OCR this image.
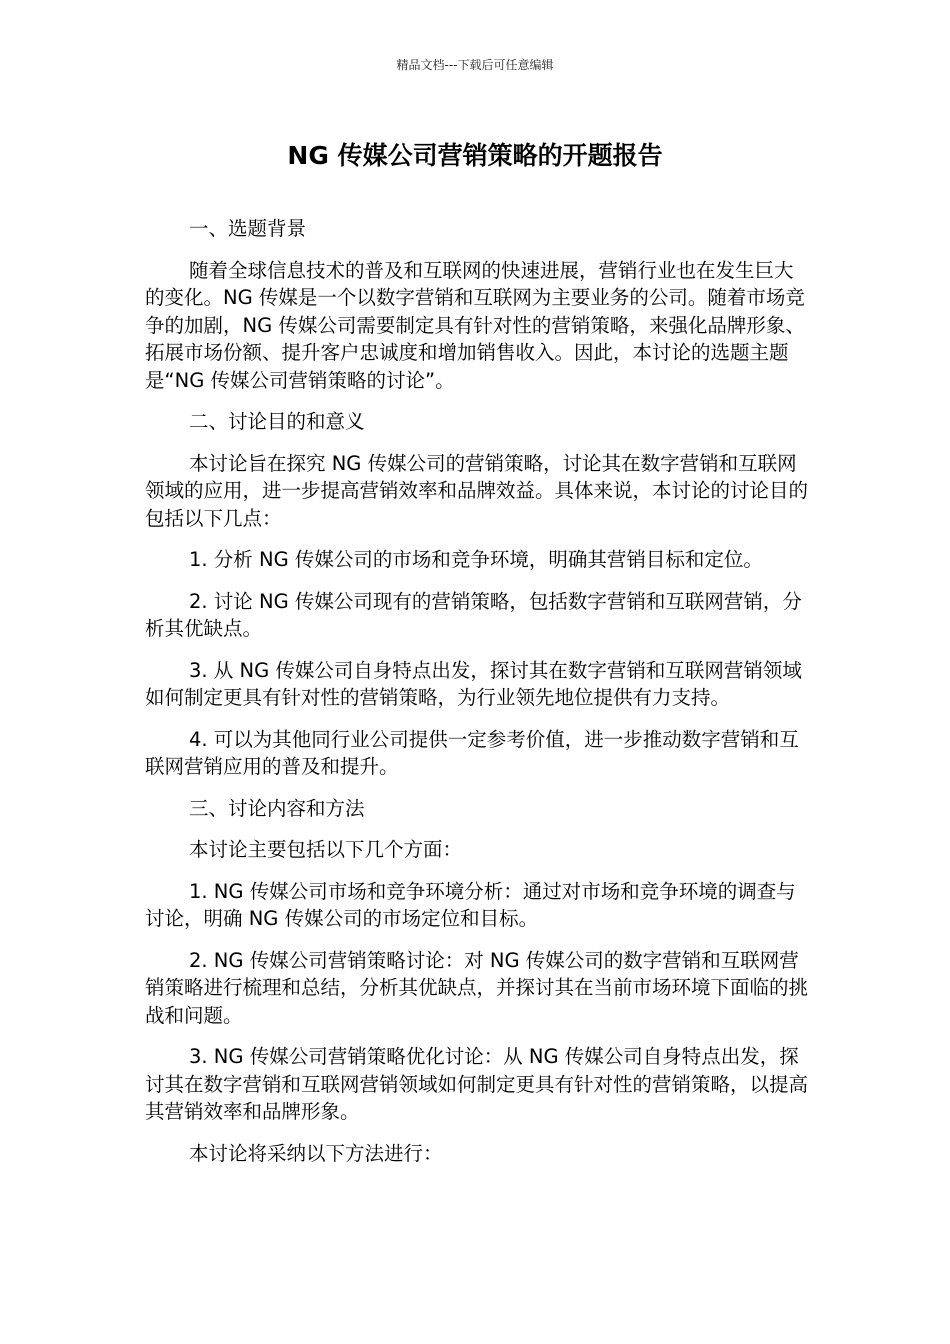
精品文档---下载后可任意编辑
NG 传媒公司营销策略的开题报告

一、选题背景

随着全球信息技术的普及和互联网的快速进展，营销行业也在发生巨大的变化。NG 传媒是一个以数字营销和互联网为主要业务的公司。随着市场竞争的加剧，NG 传媒公司需要制定具有针对性的营销策略，来强化品牌形象、拓展市场份额、提升客户忠诚度和增加销售收入。因此，本讨论的选题主题是“NG 传媒公司营销策略的讨论”。

二、讨论目的和意义

本讨论旨在探究 NG 传媒公司的营销策略，讨论其在数字营销和互联网领域的应用，进一步提高营销效率和品牌效益。具体来说，本讨论的讨论目的包括以下几点：

1. 分析 NG 传媒公司的市场和竞争环境，明确其营销目标和定位。

2. 讨论 NG 传媒公司现有的营销策略，包括数字营销和互联网营销，分析其优缺点。

3. 从 NG 传媒公司自身特点出发，探讨其在数字营销和互联网营销领域如何制定更具有针对性的营销策略，为行业领先地位提供有力支持。

4. 可以为其他同行业公司提供一定参考价值，进一步推动数字营销和互联网营销应用的普及和提升。

三、讨论内容和方法

本讨论主要包括以下几个方面：

1. NG 传媒公司市场和竞争环境分析：通过对市场和竞争环境的调查与讨论，明确 NG 传媒公司的市场定位和目标。

2. NG 传媒公司营销策略讨论：对 NG 传媒公司的数字营销和互联网营销策略进行梳理和总结，分析其优缺点，并探讨其在当前市场环境下面临的挑战和问题。

3. NG 传媒公司营销策略优化讨论：从 NG 传媒公司自身特点出发，探讨其在数字营销和互联网营销领域如何制定更具有针对性的营销策略，以提高其营销效率和品牌形象。

本讨论将采纳以下方法进行：
